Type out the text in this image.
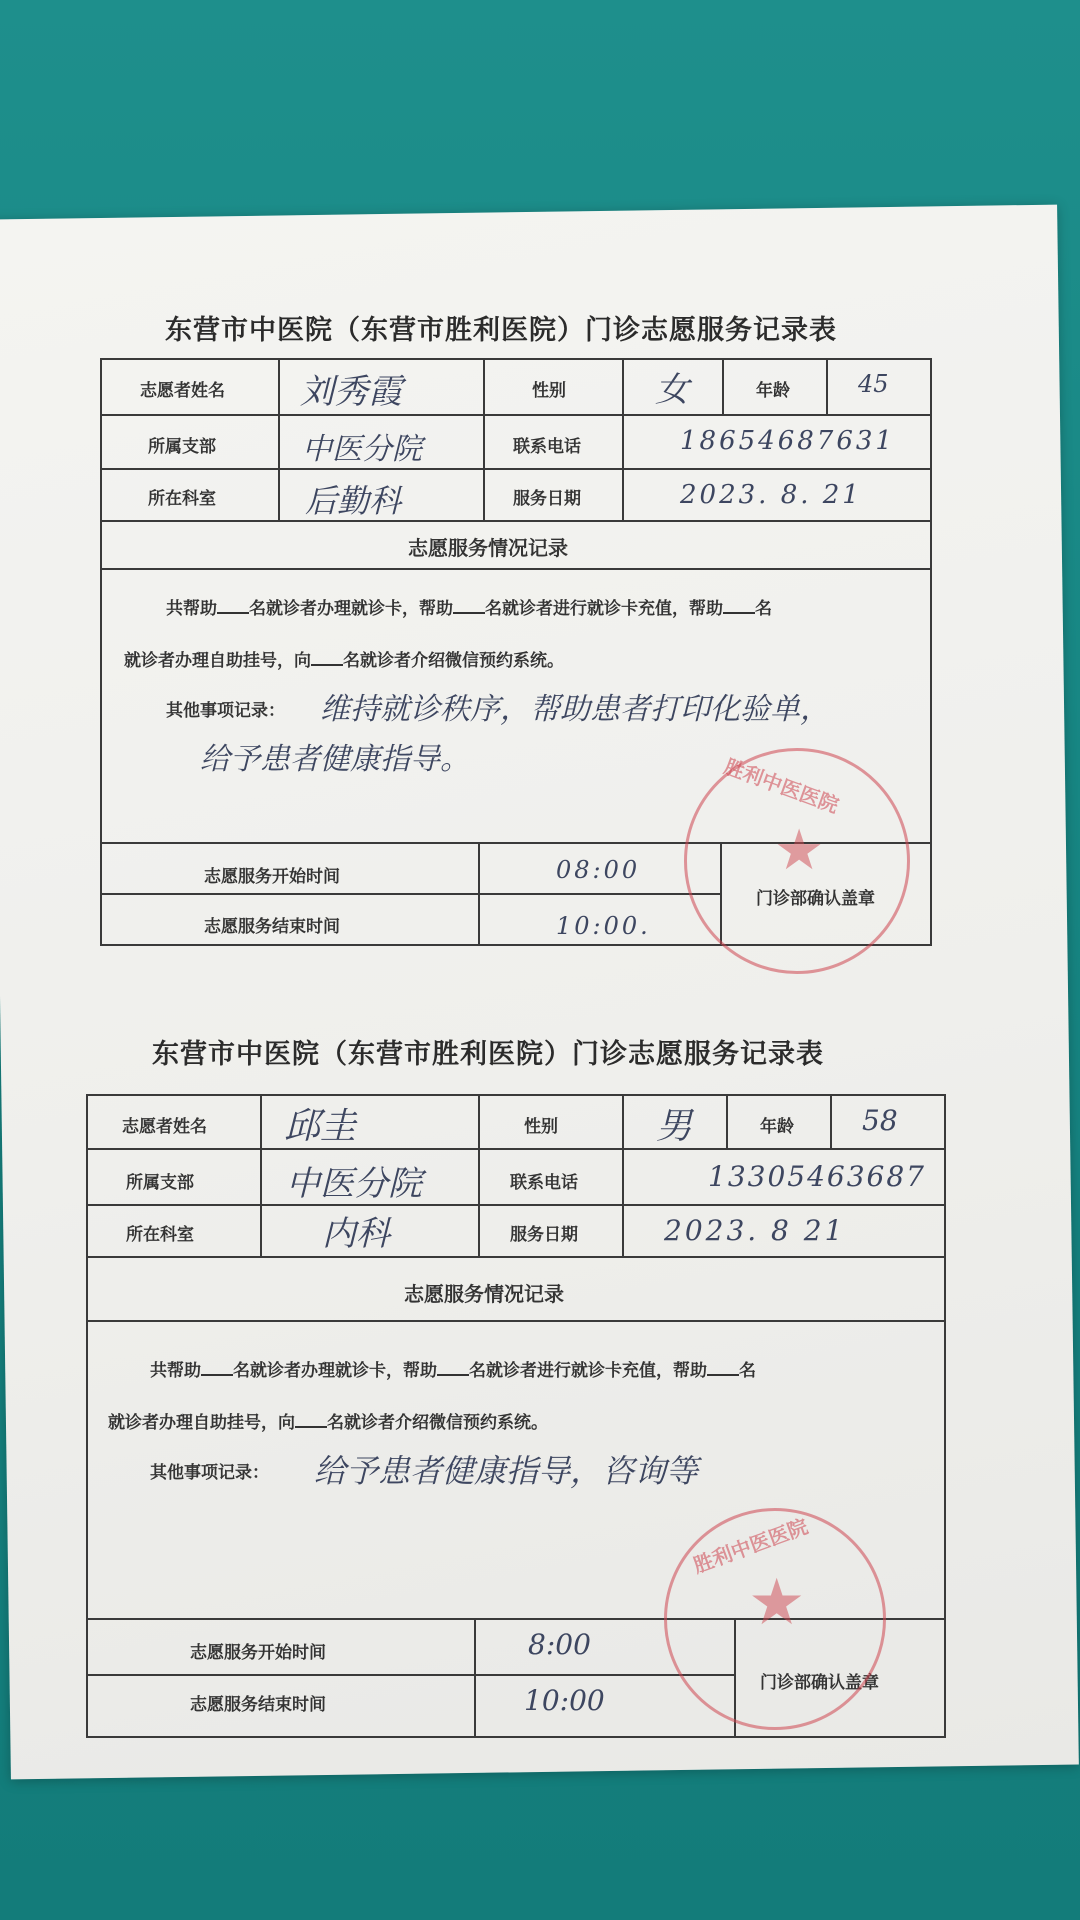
东营市中医院（东营市胜利医院）门诊志愿服务记录表
志愿者姓名 刘秀霞	性别	女	年龄	45
所属支部	中医分院	联系电话	18654687631
所在科室	后勤科	服务日期	2023. 8. 21
志愿服务情况记录
共帮助 名就诊者办理就诊卡，帮助 名就诊者进行就诊卡充值，帮助 名
就诊者办理自助挂号，向 名就诊者介绍微信预约系统。
其他事项记录： 维持就诊秩序，帮助患者打印化验单，
给予患者健康指导。
志愿服务开始时间	08:00
志愿服务结束时间	10:00.
门诊部确认盖章
胜利中医医院
★
东营市中医院（东营市胜利医院）门诊志愿服务记录表
志愿者姓名 邱圭	性别	男	年龄 58
所属支部	中医分院	联系电话	13305463687
所在科室	内科	服务日期	2023. 8 21
志愿服务情况记录
共帮助 名就诊者办理就诊卡，帮助 名就诊者进行就诊卡充值，帮助 名
就诊者办理自助挂号，向 名就诊者介绍微信预约系统。
其他事项记录： 给予患者健康指导，咨询等
志愿服务开始时间	8:00
志愿服务结束时间	10:00
门诊部确认盖章
胜利中医医院
★
